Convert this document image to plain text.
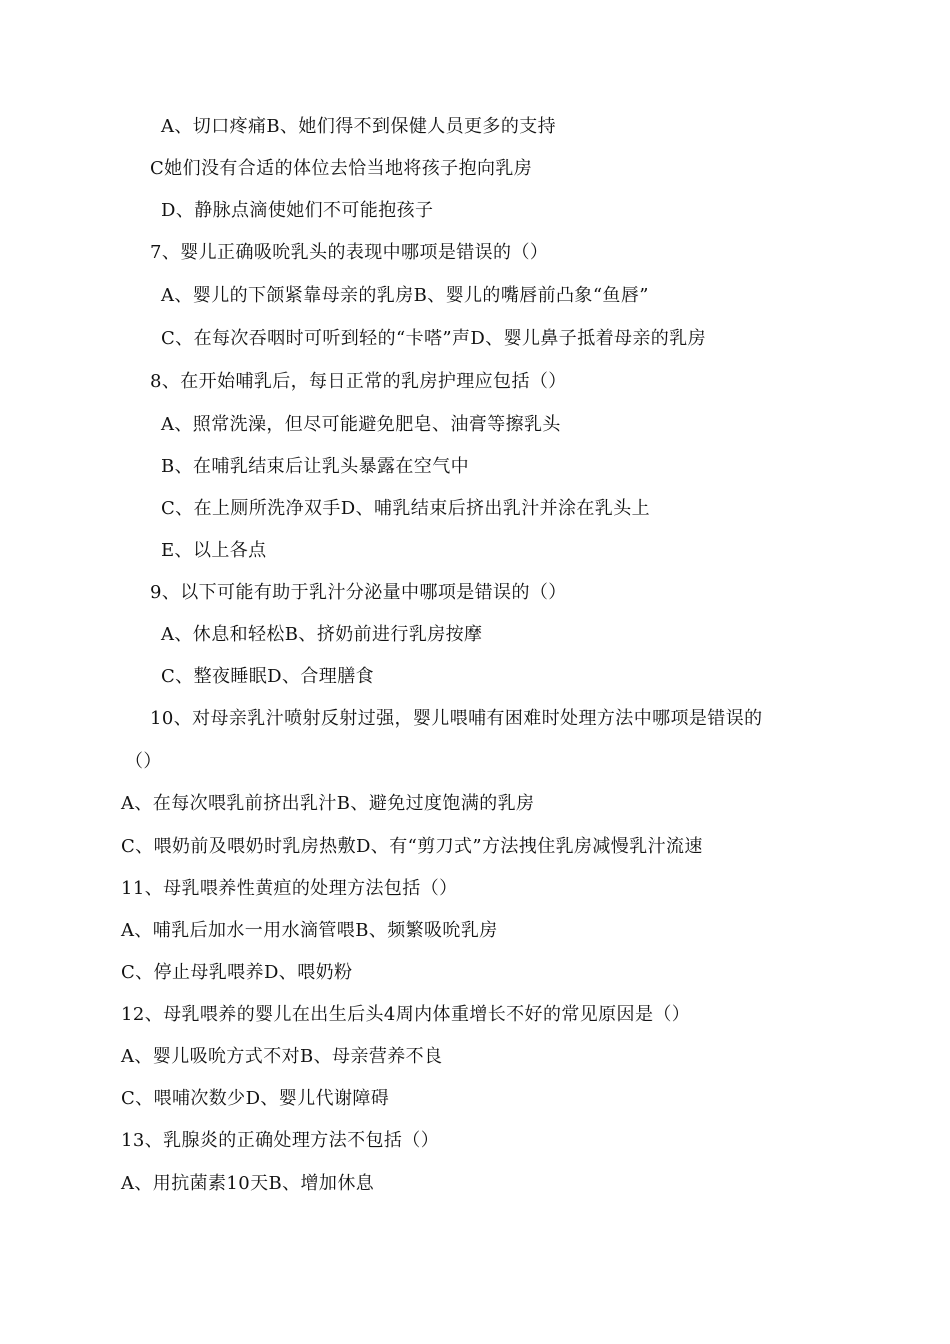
A、切口疼痛B、她们得不到保健人员更多的支持
C她们没有合适的体位去恰当地将孩子抱向乳房
D、静脉点滴使她们不可能抱孩子
7、婴儿正确吸吮乳头的表现中哪项是错误的（）
A、婴儿的下颌紧靠母亲的乳房B、婴儿的嘴唇前凸象“鱼唇”
C、在每次吞咽时可听到轻的“卡嗒”声D、婴儿鼻子抵着母亲的乳房
8、在开始哺乳后，每日正常的乳房护理应包括（）
A、照常洗澡，但尽可能避免肥皂、油膏等擦乳头
B、在哺乳结束后让乳头暴露在空气中
C、在上厕所洗净双手D、哺乳结束后挤出乳汁并涂在乳头上
E、以上各点
9、以下可能有助于乳汁分泌量中哪项是错误的（）
A、休息和轻松B、挤奶前进行乳房按摩
C、整夜睡眠D、合理膳食
10、对母亲乳汁喷射反射过强，婴儿喂哺有困难时处理方法中哪项是错误的
（）
A、在每次喂乳前挤出乳汁B、避免过度饱满的乳房
C、喂奶前及喂奶时乳房热敷D、有“剪刀式”方法拽住乳房减慢乳汁流速
11、母乳喂养性黄疸的处理方法包括（）
A、哺乳后加水一用水滴管喂B、频繁吸吮乳房
C、停止母乳喂养D、喂奶粉
12、母乳喂养的婴儿在出生后头4周内体重增长不好的常见原因是（）
A、婴儿吸吮方式不对B、母亲营养不良
C、喂哺次数少D、婴儿代谢障碍
13、乳腺炎的正确处理方法不包括（）
A、用抗菌素10天B、增加休息
